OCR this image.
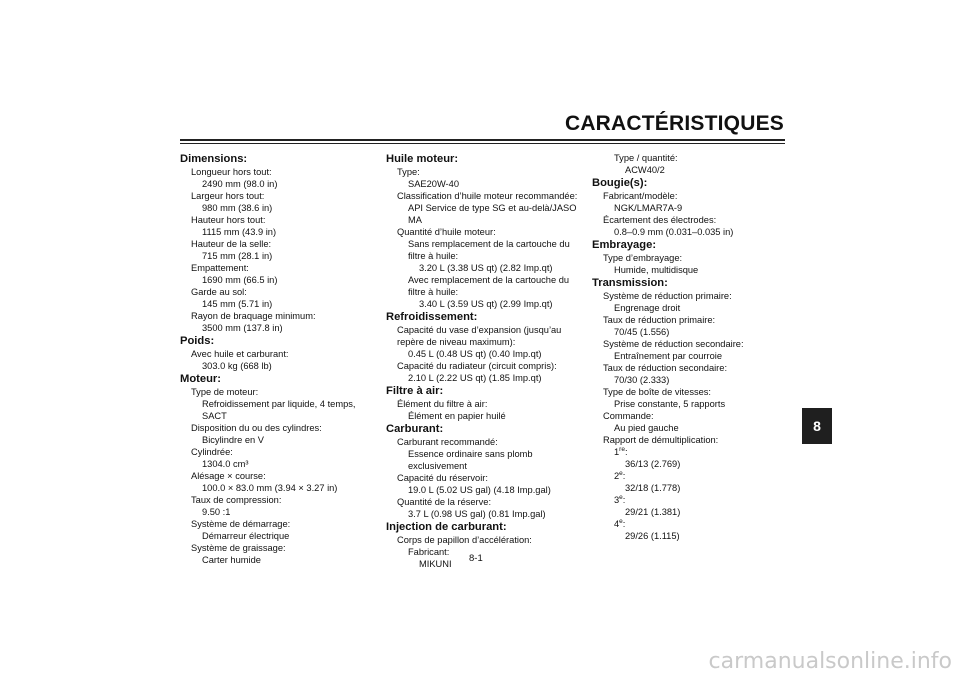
CARACTÉRISTIQUES
Dimensions:
Longueur hors tout:
2490 mm (98.0 in)
Largeur hors tout:
980 mm (38.6 in)
Hauteur hors tout:
1115 mm (43.9 in)
Hauteur de la selle:
715 mm (28.1 in)
Empattement:
1690 mm (66.5 in)
Garde au sol:
145 mm (5.71 in)
Rayon de braquage minimum:
3500 mm (137.8 in)
Poids:
Avec huile et carburant:
303.0 kg (668 lb)
Moteur:
Type de moteur:
Refroidissement par liquide, 4 temps,
SACT
Disposition du ou des cylindres:
Bicylindre en V
Cylindrée:
1304.0 cm³
Alésage × course:
100.0 × 83.0 mm (3.94 × 3.27 in)
Taux de compression:
9.50 :1
Système de démarrage:
Démarreur électrique
Système de graissage:
Carter humide
Huile moteur:
Type:
SAE20W-40
Classification d’huile moteur recommandée:
API Service de type SG et au-delà/JASO
MA
Quantité d’huile moteur:
Sans remplacement de la cartouche du
filtre à huile:
3.20 L (3.38 US qt) (2.82 Imp.qt)
Avec remplacement de la cartouche du
filtre à huile:
3.40 L (3.59 US qt) (2.99 Imp.qt)
Refroidissement:
Capacité du vase d’expansion (jusqu’au
repère de niveau maximum):
0.45 L (0.48 US qt) (0.40 Imp.qt)
Capacité du radiateur (circuit compris):
2.10 L (2.22 US qt) (1.85 Imp.qt)
Filtre à air:
Élément du filtre à air:
Élément en papier huilé
Carburant:
Carburant recommandé:
Essence ordinaire sans plomb
exclusivement
Capacité du réservoir:
19.0 L (5.02 US gal) (4.18 Imp.gal)
Quantité de la réserve:
3.7 L (0.98 US gal) (0.81 Imp.gal)
Injection de carburant:
Corps de papillon d’accélération:
Fabricant:
MIKUNI
Type / quantité:
ACW40/2
Bougie(s):
Fabricant/modèle:
NGK/LMAR7A-9
Écartement des électrodes:
0.8–0.9 mm (0.031–0.035 in)
Embrayage:
Type d’embrayage:
Humide, multidisque
Transmission:
Système de réduction primaire:
Engrenage droit
Taux de réduction primaire:
70/45 (1.556)
Système de réduction secondaire:
Entraînement par courroie
Taux de réduction secondaire:
70/30 (2.333)
Type de boîte de vitesses:
Prise constante, 5 rapports
Commande:
Au pied gauche
Rapport de démultiplication:
1re:
36/13 (2.769)
2e:
32/18 (1.778)
3e:
29/21 (1.381)
4e:
29/26 (1.115)
8
8-1
carmanualsonline.info
